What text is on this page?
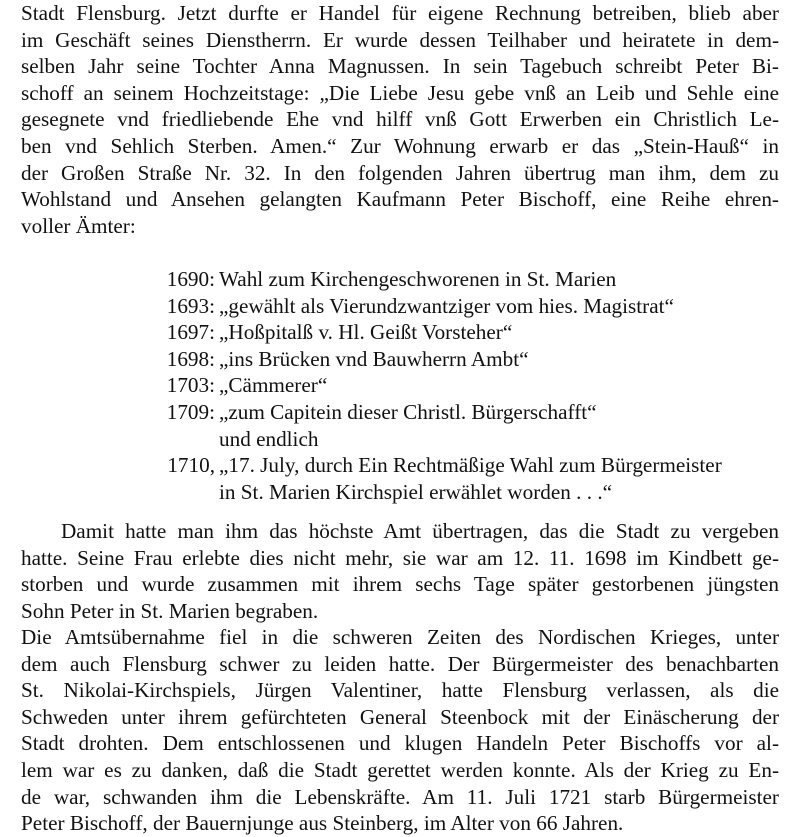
Stadt Flensburg. Jetzt durfte er Handel für eigene Rechnung betreiben, blieb aber
im Geschäft seines Dienstherrn. Er wurde dessen Teilhaber und heiratete in dem-
selben Jahr seine Tochter Anna Magnussen. In sein Tagebuch schreibt Peter Bi-
schoff an seinem Hochzeitstage: „Die Liebe Jesu gebe vnß an Leib und Sehle eine
gesegnete vnd friedliebende Ehe vnd hilff vnß Gott Erwerben ein Christlich Le-
ben vnd Sehlich Sterben. Amen.“ Zur Wohnung erwarb er das „Stein-Hauß“ in
der Großen Straße Nr. 32. In den folgenden Jahren übertrug man ihm, dem zu
Wohlstand und Ansehen gelangten Kaufmann Peter Bischoff, eine Reihe ehren-
voller Ämter:

1690: Wahl zum Kirchengeschworenen in St. Marien
1693: „gewählt als Vierundzwantziger vom hies. Magistrat“
1697: „Hoßpitalß v. Hl. Geißt Vorsteher“
1698: „ins Brücken vnd Bauwherrn Ambt“
1703: „Cämmerer“
1709: „zum Capitein dieser Christl. Bürgerschafft“
und endlich
1710, „17. July, durch Ein Rechtmäßige Wahl zum Bürgermeister
in St. Marien Kirchspiel erwählet worden . . .“

Damit hatte man ihm das höchste Amt übertragen, das die Stadt zu vergeben
hatte. Seine Frau erlebte dies nicht mehr, sie war am 12. 11. 1698 im Kindbett ge-
storben und wurde zusammen mit ihrem sechs Tage später gestorbenen jüngsten
Sohn Peter in St. Marien begraben.

Die Amtsübernahme fiel in die schweren Zeiten des Nordischen Krieges, unter
dem auch Flensburg schwer zu leiden hatte. Der Bürgermeister des benachbarten
St. Nikolai-Kirchspiels, Jürgen Valentiner, hatte Flensburg verlassen, als die
Schweden unter ihrem gefürchteten General Steenbock mit der Einäscherung der
Stadt drohten. Dem entschlossenen und klugen Handeln Peter Bischoffs vor al-
lem war es zu danken, daß die Stadt gerettet werden konnte. Als der Krieg zu En-
de war, schwanden ihm die Lebenskräfte. Am 11. Juli 1721 starb Bürgermeister
Peter Bischoff, der Bauernjunge aus Steinberg, im Alter von 66 Jahren.
